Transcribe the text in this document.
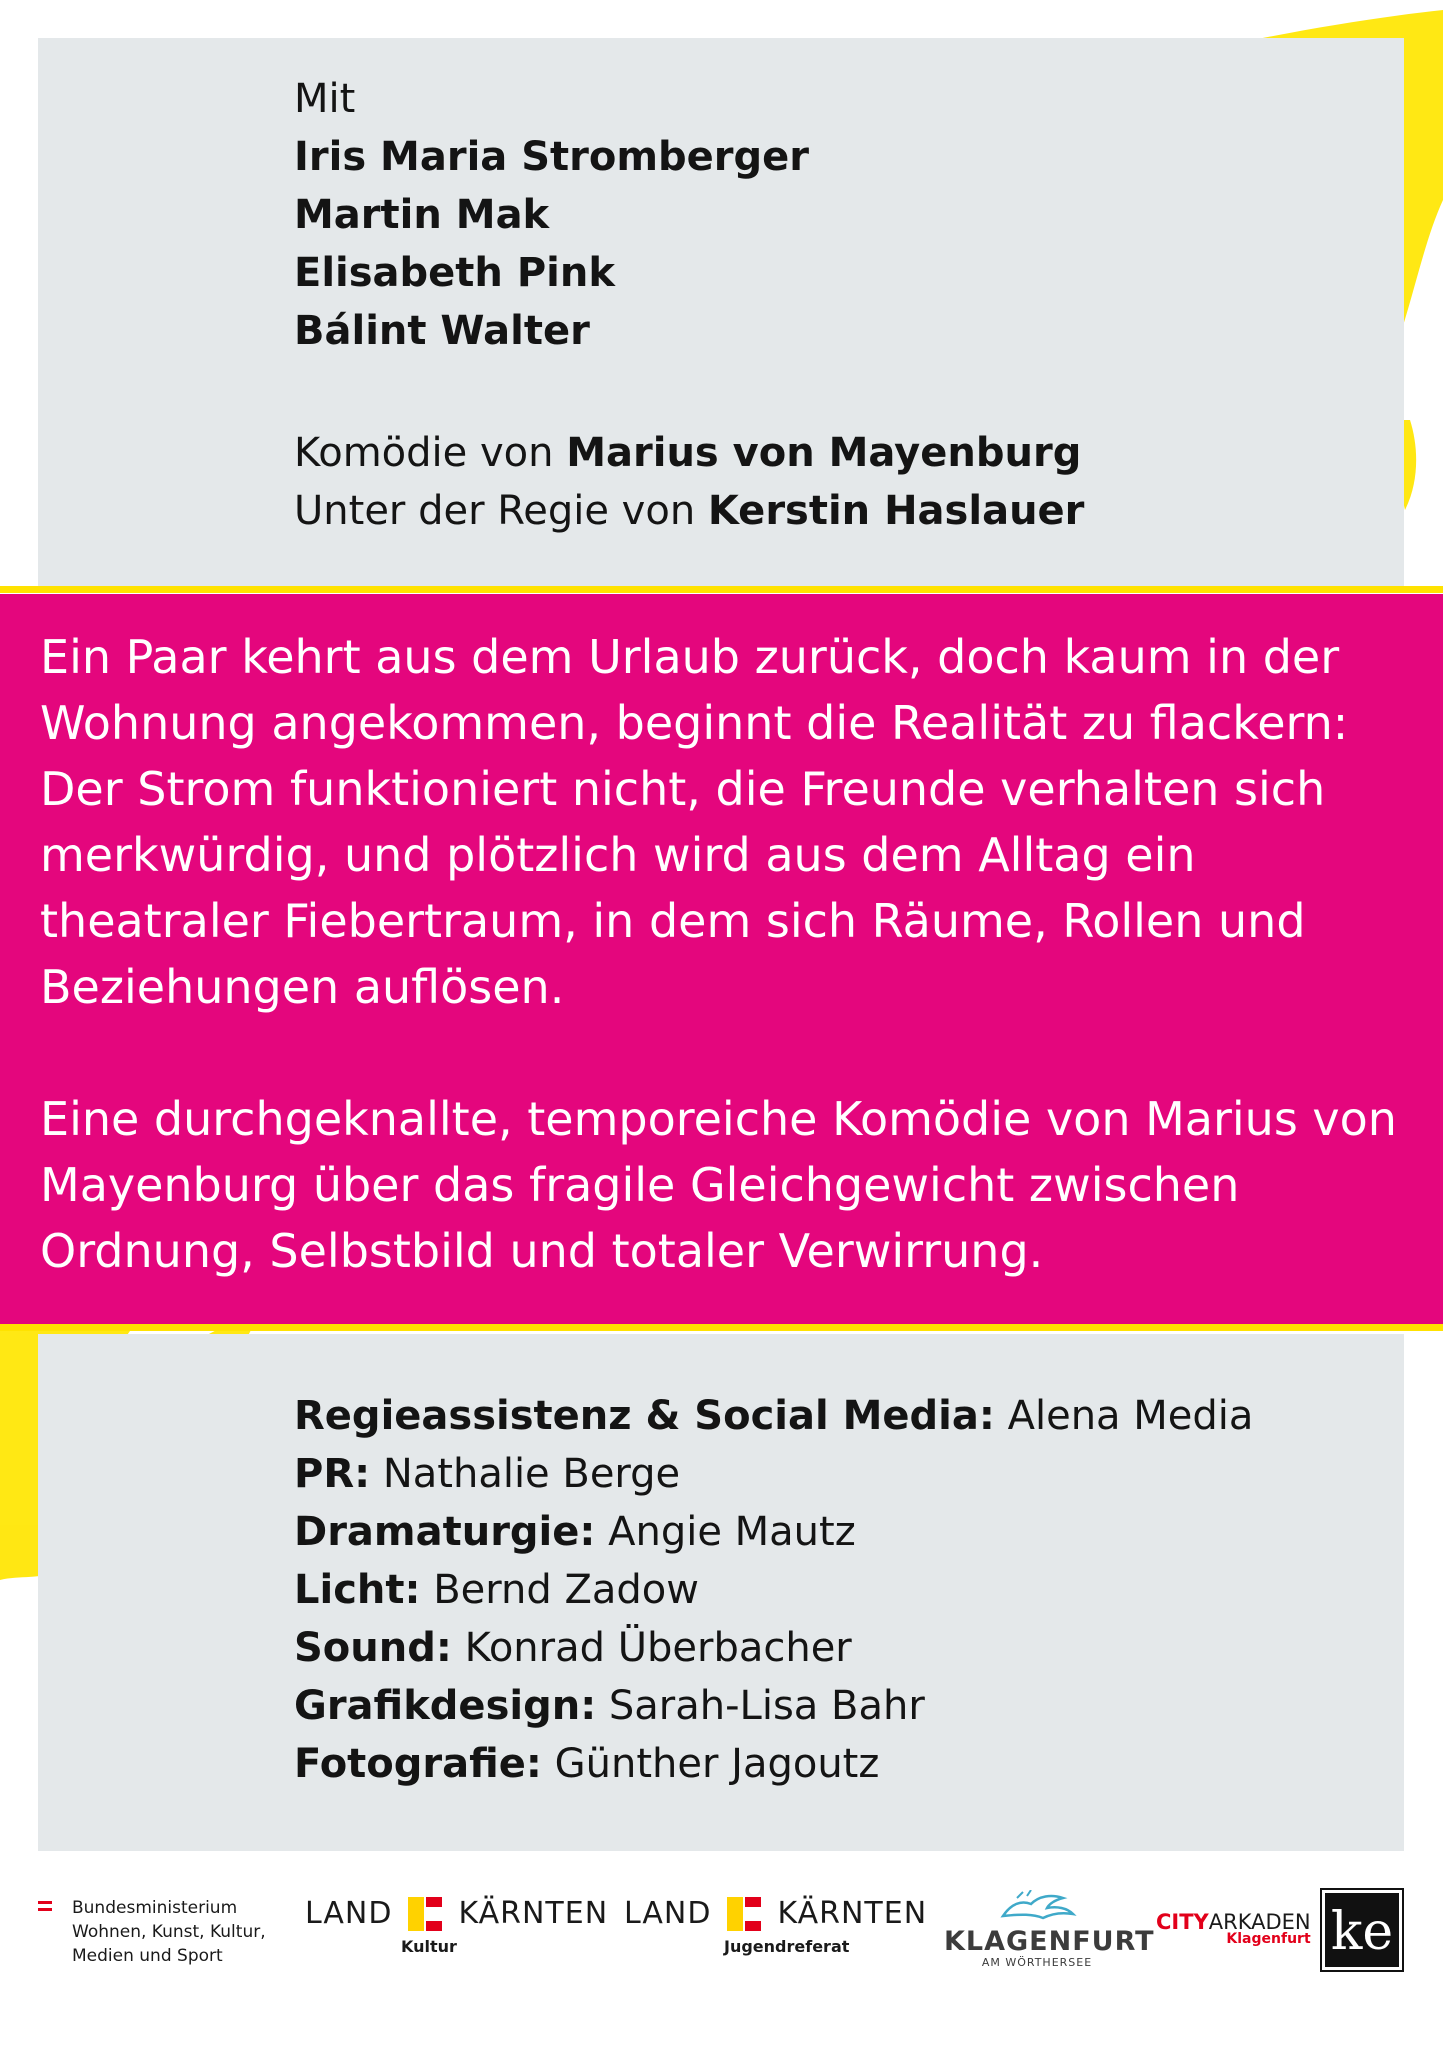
Mit
Iris Maria Stromberger
Martin Mak
Elisabeth Pink
Bálint Walter
Komödie von Marius von Mayenburg
Unter der Regie von Kerstin Haslauer

Ein Paar kehrt aus dem Urlaub zurück, doch kaum in der Wohnung angekommen, beginnt die Realität zu flackern: Der Strom funktioniert nicht, die Freunde verhalten sich merkwürdig, und plötzlich wird aus dem Alltag ein theatraler Fiebertraum, in dem sich Räume, Rollen und Beziehungen auflösen.

Eine durchgeknallte, temporeiche Komödie von Marius von Mayenburg über das fragile Gleichgewicht zwischen Ordnung, Selbstbild und totaler Verwirrung.

Regieassistenz & Social Media: Alena Media
PR: Nathalie Berge
Dramaturgie: Angie Mautz
Licht: Bernd Zadow
Sound: Konrad Überbacher
Grafikdesign: Sarah-Lisa Bahr
Fotografie: Günther Jagoutz
Bundesministerium
Wohnen, Kunst, Kultur,
Medien und Sport
LAND KÄRNTEN
Kultur
LAND KÄRNTEN
Jugendreferat	KLAGENFURT
AM WÖRTHERSEE
CITYARKADEN
Klagenfurt ke
